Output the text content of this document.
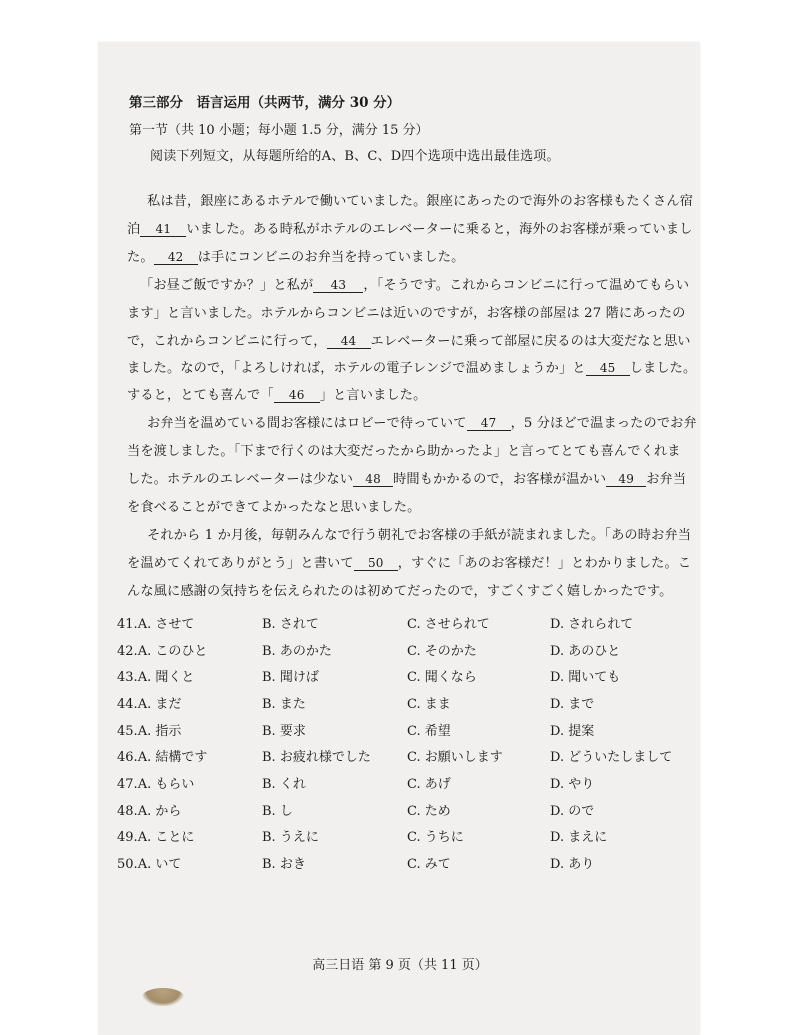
第三部分　语言运用（共两节，满分 30 分）
第一节（共 10 小题；每小题 1.5 分，满分 15 分）
阅读下列短文，从每题所给的A、B、C、D四个选项中选出最佳选项。
私は昔，銀座にあるホテルで働いていました。銀座にあったので海外のお客様もたくさん宿
泊 41 いました。ある時私がホテルのエレベーターに乗ると，海外のお客様が乗っていまし
た。 42 は手にコンビニのお弁当を持っていました。
「お昼ご飯ですか？」と私が 43 ，「そうです。これからコンビニに行って温めてもらい
ます」と言いました。ホテルからコンビニは近いのですが，お客様の部屋は 27 階にあったの
で，これからコンビニに行って， 44 エレベーターに乗って部屋に戻るのは大変だなと思い
ました。なので，「よろしければ，ホテルの電子レンジで温めましょうか」と 45 しました。
すると，とても喜んで「 46 」と言いました。
お弁当を温めている間お客様にはロビーで待っていて 47 ，5 分ほどで温まったのでお弁
当を渡しました。「下まで行くのは大変だったから助かったよ」と言ってとても喜んでくれま
した。ホテルのエレベーターは少ない 48 時間もかかるので，お客様が温かい 49 お弁当
を食べることができてよかったなと思いました。
それから 1 か月後，毎朝みんなで行う朝礼でお客様の手紙が読まれました。「あの時お弁当
を温めてくれてありがとう」と書いて 50 ，すぐに「あのお客様だ！」とわかりました。こ
んな風に感謝の気持ちを伝えられたのは初めてだったので，すごくすごく嬉しかったです。
41.A. させて	B. されて	C. させられて	D. されられて
42.A. このひと	B. あのかた	C. そのかた	D. あのひと
43.A. 聞くと	B. 聞けば	C. 聞くなら	D. 聞いても
44.A. まだ	B. また	C. まま	D. まで
45.A. 指示	B. 要求	C. 希望	D. 提案
46.A. 結構です	B. お疲れ様でした	C. お願いします	D. どういたしまして
47.A. もらい	B. くれ	C. あげ	D. やり
48.A. から	B. し	C. ため	D. ので
49.A. ことに	B. うえに	C. うちに	D. まえに
50.A. いて	B. おき	C. みて	D. あり
高三日语 第 9 页（共 11 页）
